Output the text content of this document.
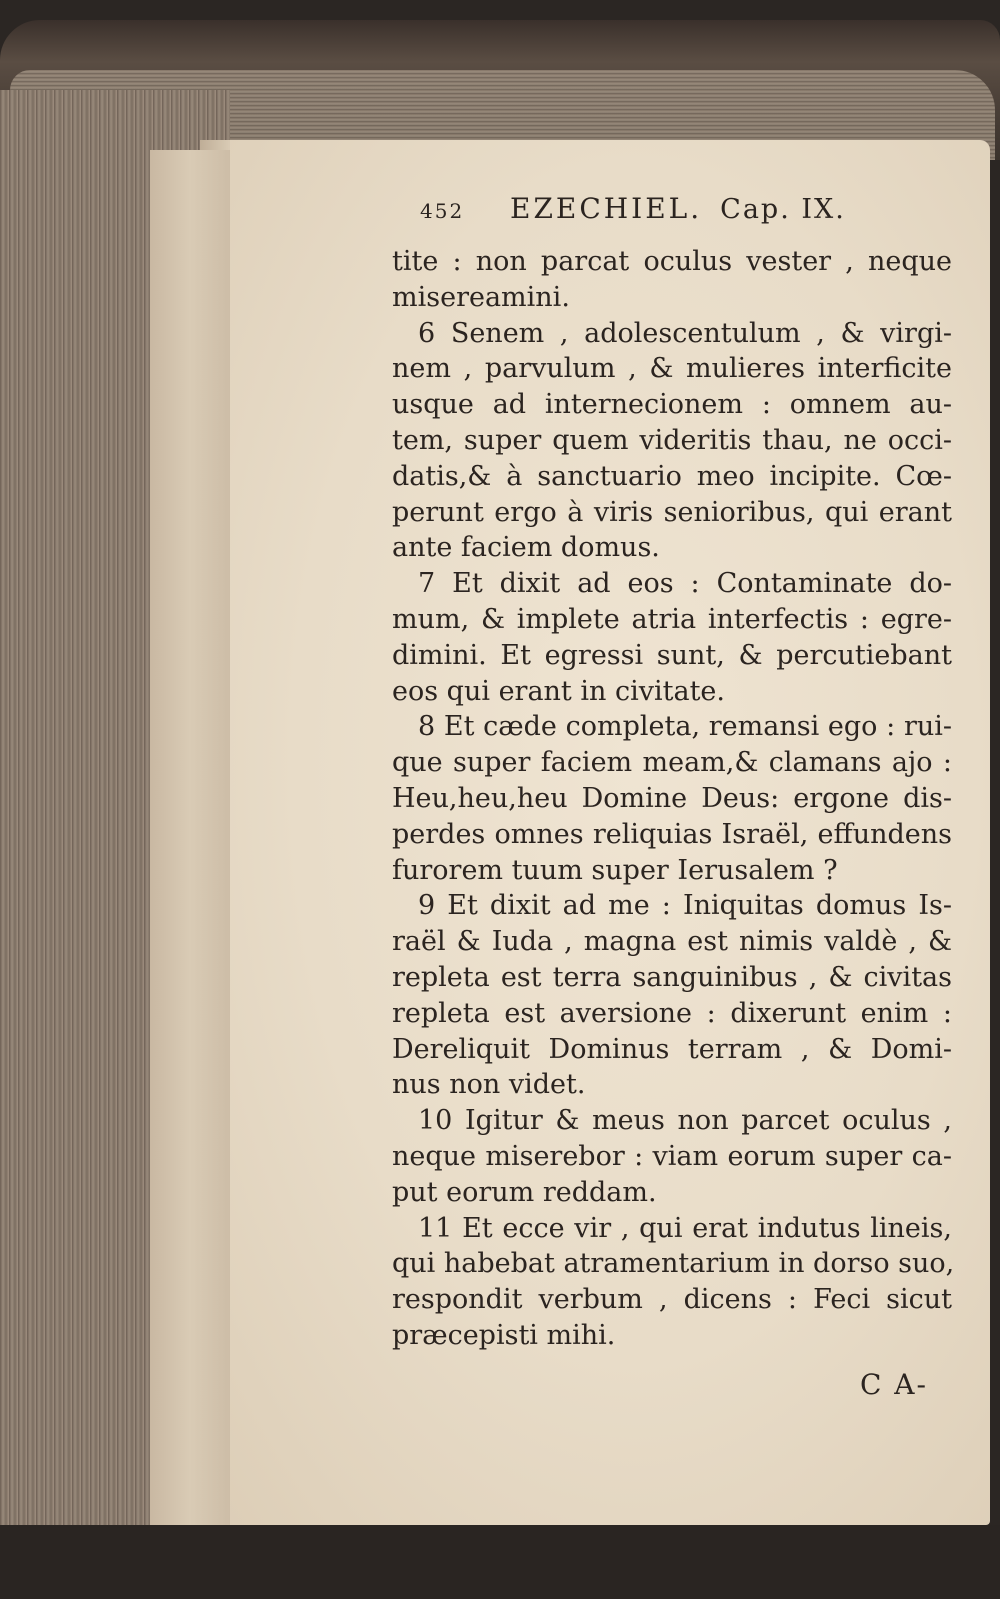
452	EZECHIEL. Cap. IX.
tite : non parcat oculus vester , neque
misereamini.
6 Senem , adolescentulum , & virgi-
nem , parvulum , & mulieres interficite
usque ad internecionem : omnem au-
tem, super quem videritis thau, ne occi-
datis,& à sanctuario meo incipite. Cœ-
perunt ergo à viris senioribus, qui erant
ante faciem domus.
7 Et dixit ad eos : Contaminate do-
mum, & implete atria interfectis : egre-
dimini. Et egressi sunt, & percutiebant
eos qui erant in civitate.
8 Et cæde completa, remansi ego : rui-
que super faciem meam,& clamans ajo :
Heu,heu,heu Domine Deus: ergone dis-
perdes omnes reliquias Israël, effundens
furorem tuum super Ierusalem ?
9 Et dixit ad me : Iniquitas domus Is-
raël & Iuda , magna est nimis valdè , &
repleta est terra sanguinibus , & civitas
repleta est aversione : dixerunt enim :
Dereliquit Dominus terram , & Domi-
nus non videt.
10 Igitur & meus non parcet oculus ,
neque miserebor : viam eorum super ca-
put eorum reddam.
11 Et ecce vir , qui erat indutus lineis,
qui habebat atramentarium in dorso suo,
respondit verbum , dicens : Feci sicut
præcepisti mihi.
C A-
